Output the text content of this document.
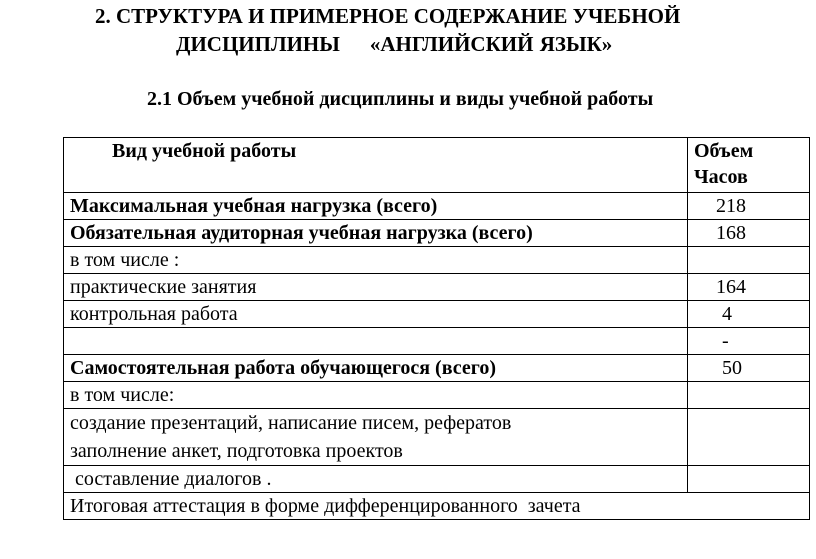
2. СТРУКТУРА И ПРИМЕРНОЕ СОДЕРЖАНИЕ УЧЕБНОЙ
ДИСЦИПЛИНЫ «АНГЛИЙСКИЙ ЯЗЫК»
2.1 Объем учебной дисциплины и виды учебной работы
Вид учебной работы	Объем
Часов

Максимальная учебная нагрузка (всего)	218
Обязательная аудиторная учебная нагрузка (всего)	168
в том числе :	
практические занятия	164
контрольная работа	4
	-
Самостоятельная работа обучающегося (всего)	50
в том числе:	

создание презентаций, написание писем, рефератов
заполнение анкет, подготовка проектов	

составление диалогов .	
Итоговая аттестация в форме дифференцированного  зачета	
